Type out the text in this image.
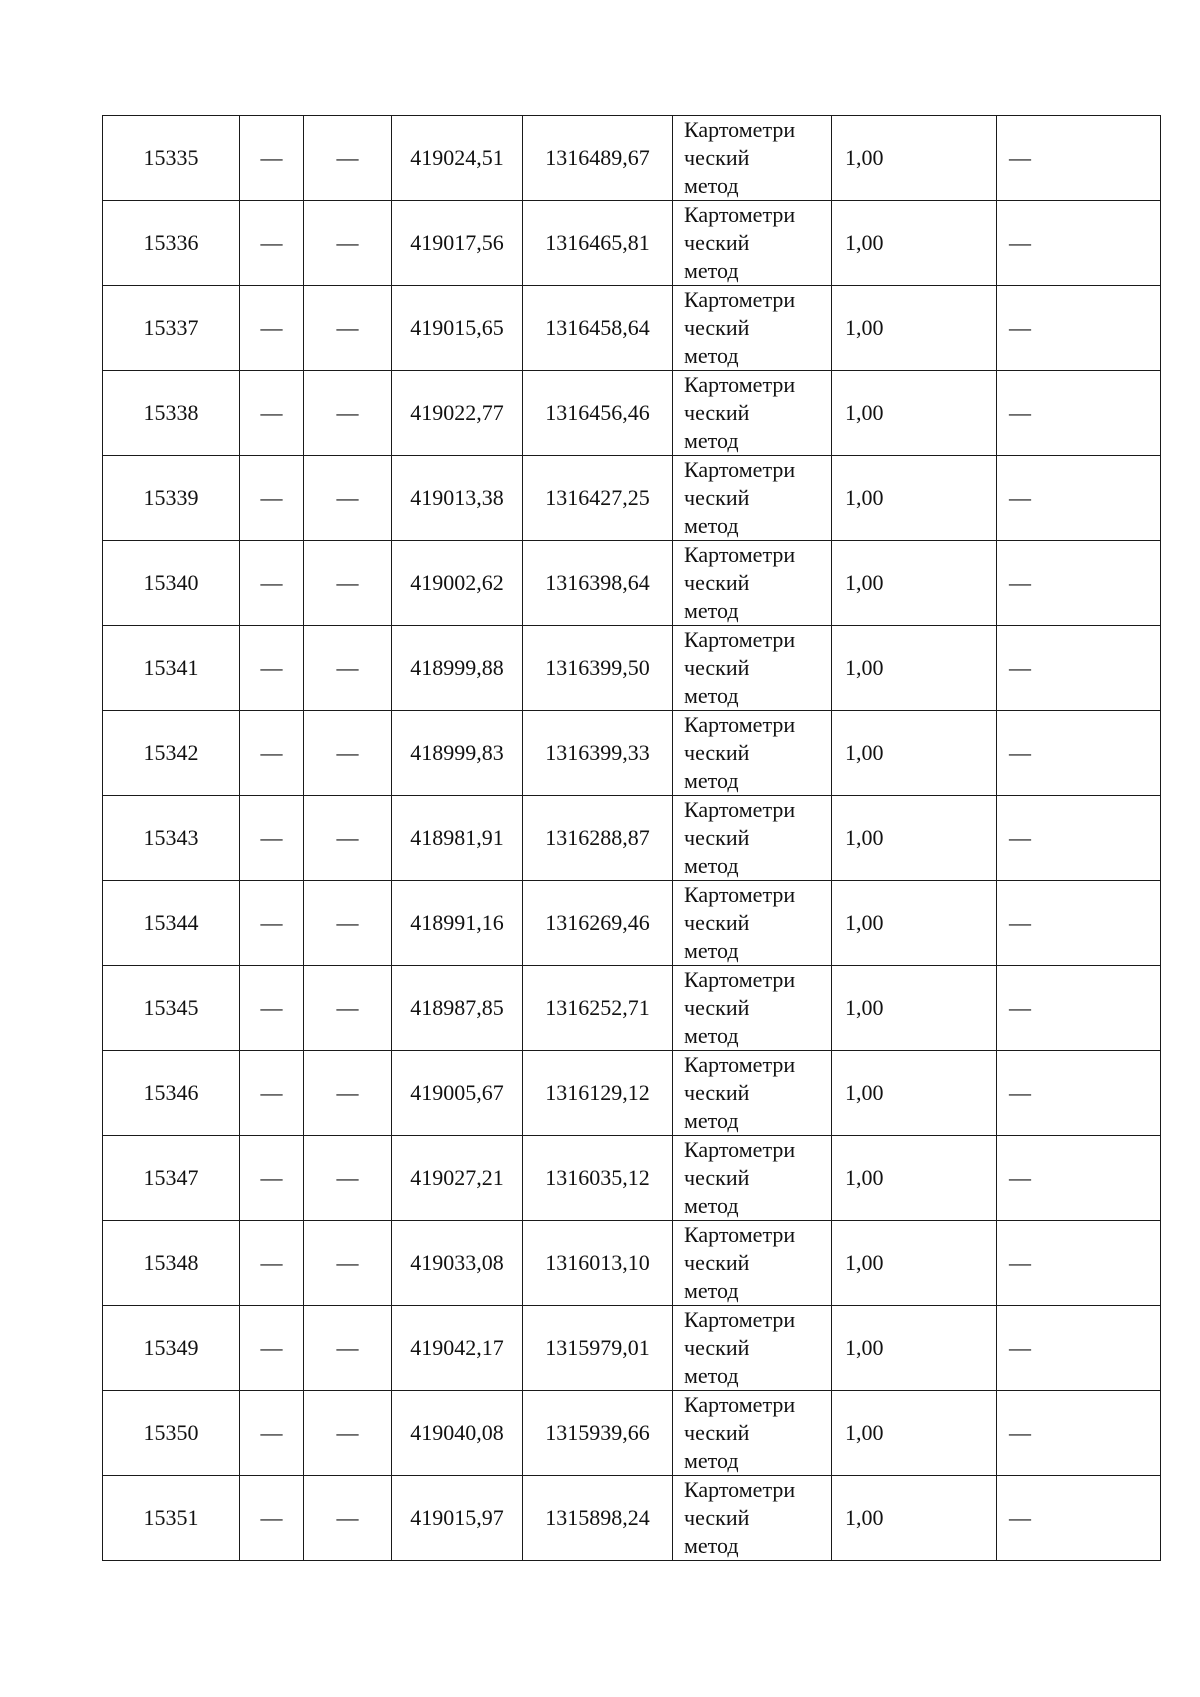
15335	—	—	419024,51	1316489,67	Картометри
ческий
метод	1,00	—
15336	—	—	419017,56	1316465,81	Картометри
ческий
метод	1,00	—
15337	—	—	419015,65	1316458,64	Картометри
ческий
метод	1,00	—
15338	—	—	419022,77	1316456,46	Картометри
ческий
метод	1,00	—
15339	—	—	419013,38	1316427,25	Картометри
ческий
метод	1,00	—
15340	—	—	419002,62	1316398,64	Картометри
ческий
метод	1,00	—
15341	—	—	418999,88	1316399,50	Картометри
ческий
метод	1,00	—
15342	—	—	418999,83	1316399,33	Картометри
ческий
метод	1,00	—
15343	—	—	418981,91	1316288,87	Картометри
ческий
метод	1,00	—
15344	—	—	418991,16	1316269,46	Картометри
ческий
метод	1,00	—
15345	—	—	418987,85	1316252,71	Картометри
ческий
метод	1,00	—
15346	—	—	419005,67	1316129,12	Картометри
ческий
метод	1,00	—
15347	—	—	419027,21	1316035,12	Картометри
ческий
метод	1,00	—
15348	—	—	419033,08	1316013,10	Картометри
ческий
метод	1,00	—
15349	—	—	419042,17	1315979,01	Картометри
ческий
метод	1,00	—
15350	—	—	419040,08	1315939,66	Картометри
ческий
метод	1,00	—
15351	—	—	419015,97	1315898,24	Картометри
ческий
метод	1,00	—
